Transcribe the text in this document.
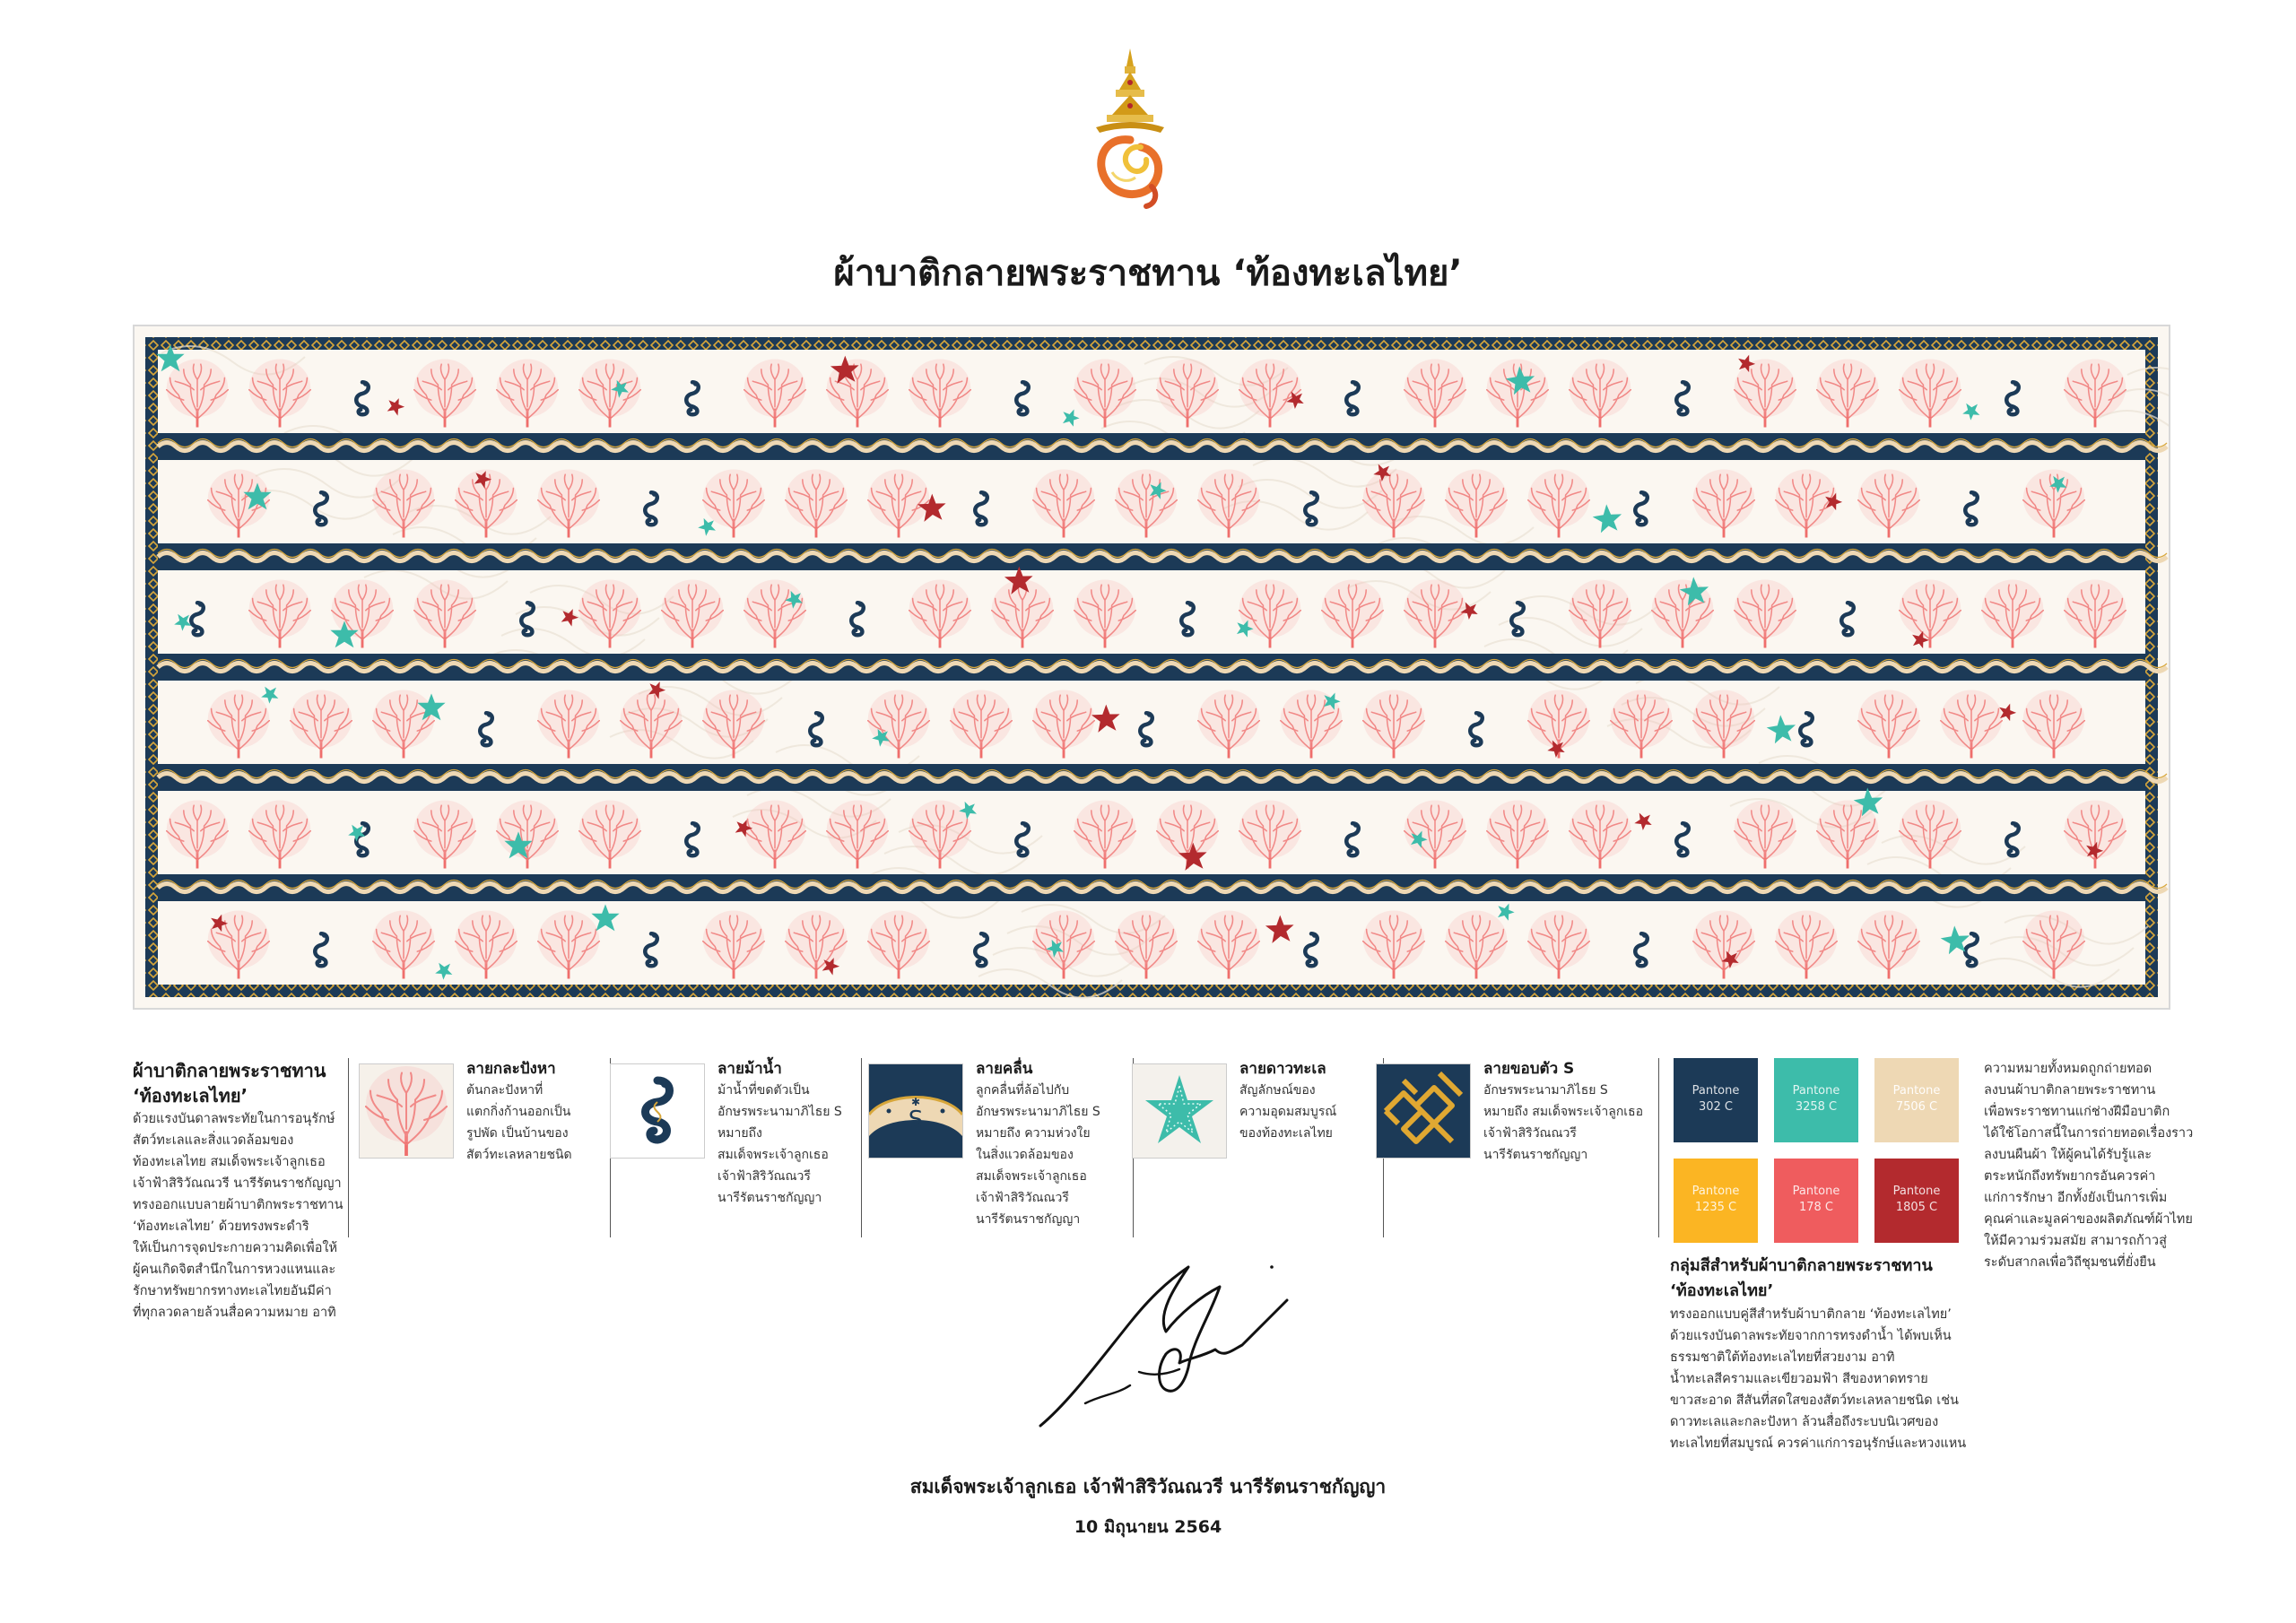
ผ้าบาติกลายพระราชทาน ‘ท้องทะเลไทย’
ผ้าบาติกลายพระราชทาน
‘ท้องทะเลไทย’
ด้วยแรงบันดาลพระทัยในการอนุรักษ์
สัตว์ทะเลและสิ่งแวดล้อมของ
ท้องทะเลไทย สมเด็จพระเจ้าลูกเธอ
เจ้าฟ้าสิริวัณณวรี นารีรัตนราชกัญญา
ทรงออกแบบลายผ้าบาติกพระราชทาน
‘ท้องทะเลไทย’ ด้วยทรงพระดำริ
ให้เป็นการจุดประกายความคิดเพื่อให้
ผู้คนเกิดจิตสำนึกในการหวงแหนและ
รักษาทรัพยากรทางทะเลไทยอันมีค่า
ที่ทุกลวดลายล้วนสื่อความหมาย อาทิ
ลายกละปังหา
ต้นกละปังหาที่
แตกกิ่งก้านออกเป็น
รูปพัด เป็นบ้านของ
สัตว์ทะเลหลายชนิด
ลายม้าน้ำ
ม้าน้ำที่ขดตัวเป็น
อักษรพระนามาภิไธย S
หมายถึง
สมเด็จพระเจ้าลูกเธอ
เจ้าฟ้าสิริวัณณวรี
นารีรัตนราชกัญญา
S
✱
ลายคลื่น
ลูกคลื่นที่ล้อไปกับ
อักษรพระนามาภิไธย S
หมายถึง ความห่วงใย
ในสิ่งแวดล้อมของ
สมเด็จพระเจ้าลูกเธอ
เจ้าฟ้าสิริวัณณวรี
นารีรัตนราชกัญญา
ลายดาวทะเล
สัญลักษณ์ของ
ความอุดมสมบูรณ์
ของท้องทะเลไทย
ลายขอบตัว S
อักษรพระนามาภิไธย S
หมายถึง สมเด็จพระเจ้าลูกเธอ
เจ้าฟ้าสิริวัณณวรี
นารีรัตนราชกัญญา
Pantone
302 C
Pantone
3258 C
Pantone
7506 C
Pantone
1235 C
Pantone
178 C
Pantone
1805 C
กลุ่มสีสำหรับผ้าบาติกลายพระราชทาน
‘ท้องทะเลไทย’
ทรงออกแบบคู่สีสำหรับผ้าบาติกลาย ‘ท้องทะเลไทย’
ด้วยแรงบันดาลพระทัยจากการทรงดำน้ำ ได้พบเห็น
ธรรมชาติใต้ท้องทะเลไทยที่สวยงาม อาทิ
น้ำทะเลสีครามและเขียวอมฟ้า สีของหาดทราย
ขาวสะอาด สีสันที่สดใสของสัตว์ทะเลหลายชนิด เช่น
ดาวทะเลและกละปังหา ล้วนสื่อถึงระบบนิเวศของ
ทะเลไทยที่สมบูรณ์ ควรค่าแก่การอนุรักษ์และหวงแหน
ความหมายทั้งหมดถูกถ่ายทอด
ลงบนผ้าบาติกลายพระราชทาน
เพื่อพระราชทานแก่ช่างฝีมือบาติก
ได้ใช้โอกาสนี้ในการถ่ายทอดเรื่องราว
ลงบนผืนผ้า ให้ผู้คนได้รับรู้และ
ตระหนักถึงทรัพยากรอันควรค่า
แก่การรักษา อีกทั้งยังเป็นการเพิ่ม
คุณค่าและมูลค่าของผลิตภัณฑ์ผ้าไทย
ให้มีความร่วมสมัย สามารถก้าวสู่
ระดับสากลเพื่อวิถีชุมชนที่ยั่งยืน
สมเด็จพระเจ้าลูกเธอ เจ้าฟ้าสิริวัณณวรี นารีรัตนราชกัญญา
10 มิถุนายน 2564
